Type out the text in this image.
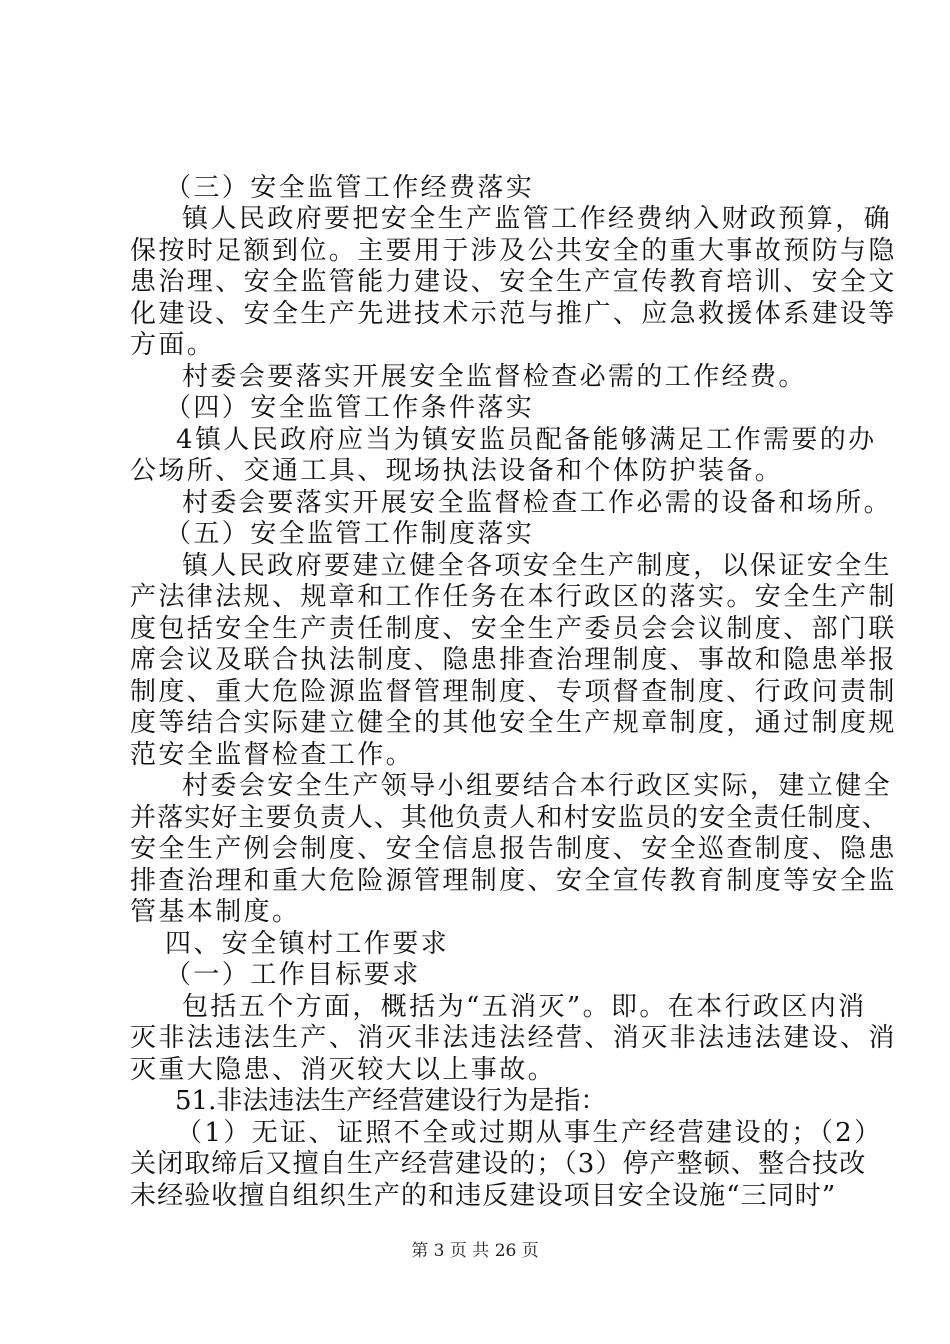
（三）安全监管工作经费落实
镇人民政府要把安全生产监管工作经费纳入财政预算，确
保按时足额到位。主要用于涉及公共安全的重大事故预防与隐
患治理、安全监管能力建设、安全生产宣传教育培训、安全文
化建设、安全生产先进技术示范与推广、应急救援体系建设等
方面。
村委会要落实开展安全监督检查必需的工作经费。
（四）安全监管工作条件落实
4镇人民政府应当为镇安监员配备能够满足工作需要的办
公场所、交通工具、现场执法设备和个体防护装备。
村委会要落实开展安全监督检查工作必需的设备和场所。
（五）安全监管工作制度落实
镇人民政府要建立健全各项安全生产制度，以保证安全生
产法律法规、规章和工作任务在本行政区的落实。安全生产制
度包括安全生产责任制度、安全生产委员会会议制度、部门联
席会议及联合执法制度、隐患排查治理制度、事故和隐患举报
制度、重大危险源监督管理制度、专项督查制度、行政问责制
度等结合实际建立健全的其他安全生产规章制度，通过制度规
范安全监督检查工作。
村委会安全生产领导小组要结合本行政区实际，建立健全
并落实好主要负责人、其他负责人和村安监员的安全责任制度、
安全生产例会制度、安全信息报告制度、安全巡查制度、隐患
排查治理和重大危险源管理制度、安全宣传教育制度等安全监
管基本制度。
四、安全镇村工作要求
（一）工作目标要求
包括五个方面，概括为“五消灭”。即。在本行政区内消
灭非法违法生产、消灭非法违法经营、消灭非法违法建设、消
灭重大隐患、消灭较大以上事故。
51.非法违法生产经营建设行为是指：
（1）无证、证照不全或过期从事生产经营建设的；（2）
关闭取缔后又擅自生产经营建设的；（3）停产整顿、整合技改
未经验收擅自组织生产的和违反建设项目安全设施“三同时”
第 3 页 共 26 页
